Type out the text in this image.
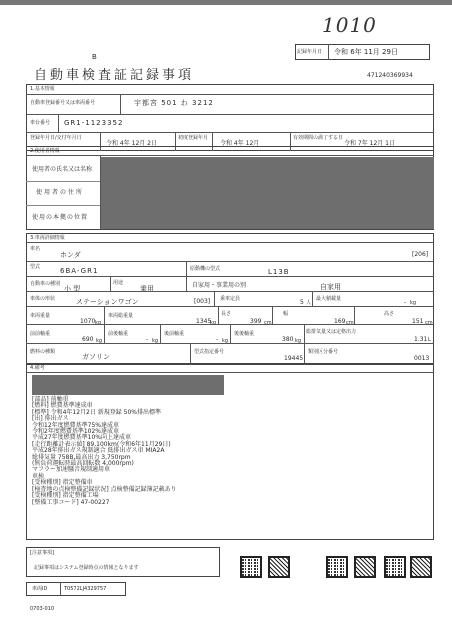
1010
記録年月日 令和 6年 11月 29日
B
自動車検査証記録事項	471240369934
1.基本情報
自動車登録番号又は車両番号	宇都宮 501 わ 3212
車台番号 GR1-1123352
登録年月日/交付年月日
令和 4年 12月 2日
初度登録年月
令和 4年 12月
有効期間の満了する日
令和 7年 12月 1日
2.使用者情報
使用者の氏名又は名称
使用者の住所
使用の本拠の位置
3.車両詳細情報
車名
ホンダ	[206]
型式	6BA-GR1	原動機の型式	L13B
自動車の種別
小 型
用途
乗用	自家用・事業用の別	自家用
車体の形状	ステーションワゴン	[003] 乗車定員	5 人
最大積載量	- kg
車両重量
1070 kg
車両総重量
1345
kg
長さ
399 cm
幅
169 cm
高さ
151 cm
前前軸重
690 kg
前後軸重
- kg
後前軸重
- kg
後後軸重
380 kg
総排気量又は定格出力
1.31 L
燃料の種類
ガソリン
型式指定番号
19445
類別区分番号
0013
4.備考
[部品] 前軸重
[燃料] 燃費基準達成車
[標準] 令和4年12月2日 新規登録 50%排出標準
[出] 排出ガス
令和12年度燃費基準75%達成車
令和2年度燃費基準102%達成車
平成27年度燃費基準10%向上達成車
[走行距離計表示値] 89,100km(令和6年11月29日)
平成28年排出ガス規制適合 低排出ガス車 MIA2A
総排気量 758B,最高出力 3,750rpm
(無負荷運転時最高回転数 4,000rpm)
マフラー加速騒音規制適用車
車検
[受検種別] 指定整備車
[検査地の点検整備記録状況] 点検整備記録簿記載あり
[受検種別] 指定整備工場
[整備工事コード] 47-00227
[注意事項]
記録事項はシステム登録時点の情報となります
車両ID	T0572LJ4329757
0703-010
